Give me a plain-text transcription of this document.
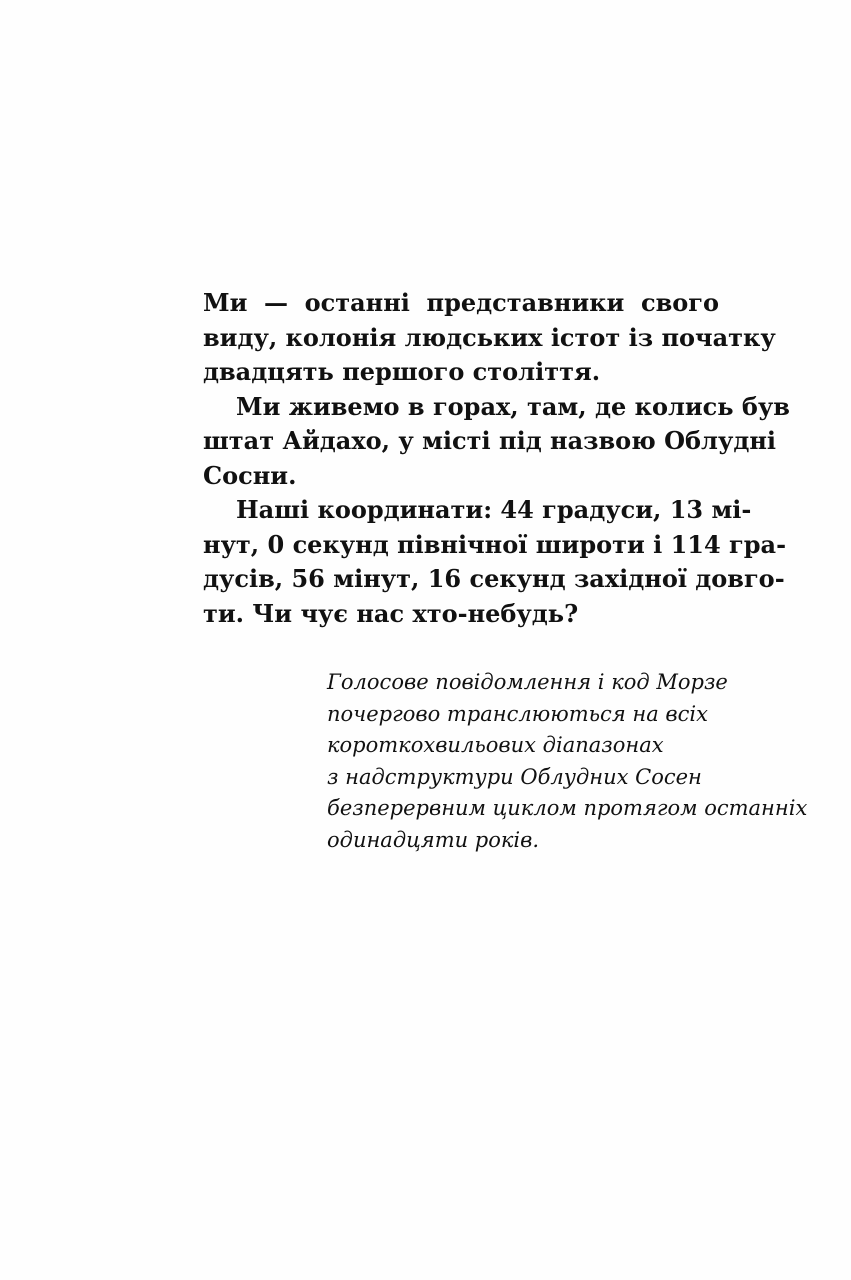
Ми — останні представники свого
виду, колонія людських істот із початку
двадцять першого століття.
Ми живемо в горах, там, де колись був
штат Айдахо, у місті під назвою Облудні
Сосни.
Наші координати: 44 градуси, 13 мі-
нут, 0 секунд північної широти і 114 гра-
дусів, 56 мінут, 16 секунд західної довго-
ти. Чи чує нас хто-небудь?
Голосове повідомлення і код Морзе
почергово транслюються на всіх
короткохвильових діапазонах
з надструктури Облудних Сосен
безперервним циклом протягом останніх
одинадцяти років.
